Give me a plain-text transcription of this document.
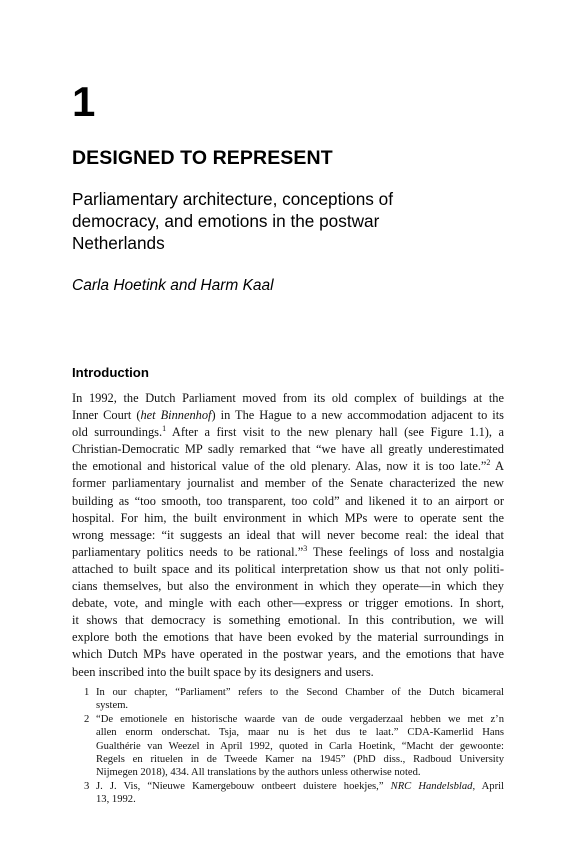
1
DESIGNED TO REPRESENT
Parliamentary architecture, conceptions of
democracy, and emotions in the postwar
Netherlands
Carla Hoetink and Harm Kaal
Introduction
In 1992, the Dutch Parliament moved from its old complex of buildings at the
Inner Court (het Binnenhof) in The Hague to a new accommodation adjacent to its
old surroundings.$^1$ After a first visit to the new plenary hall (see Figure 1.1), a
Christian-Democratic MP sadly remarked that “we have all greatly underestimated
the emotional and historical value of the old plenary. Alas, now it is too late.”$^2$ A
former parliamentary journalist and member of the Senate characterized the new
building as “too smooth, too transparent, too cold” and likened it to an airport or
hospital. For him, the built environment in which MPs were to operate sent the
wrong message: “it suggests an ideal that will never become real: the ideal that
parliamentary politics needs to be rational.”$^3$ These feelings of loss and nostalgia
attached to built space and its political interpretation show us that not only politi-
cians themselves, but also the environment in which they operate—in which they
debate, vote, and mingle with each other—express or trigger emotions. In short,
it shows that democracy is something emotional. In this contribution, we will
explore both the emotions that have been evoked by the material surroundings in
which Dutch MPs have operated in the postwar years, and the emotions that have
been inscribed into the built space by its designers and users.
1 In our chapter, “Parliament” refers to the Second Chamber of the Dutch bicameral
system.
2 “De emotionele en historische waarde van de oude vergaderzaal hebben we met z’n
allen enorm onderschat. Tsja, maar nu is het dus te laat.” CDA-Kamerlid Hans
Gualthérie van Weezel in April 1992, quoted in Carla Hoetink, “Macht der gewoonte:
Regels en rituelen in de Tweede Kamer na 1945” (PhD diss., Radboud University
Nijmegen 2018), 434. All translations by the authors unless otherwise noted.
3 J. J. Vis, “Nieuwe Kamergebouw ontbeert duistere hoekjes,” NRC Handelsblad, April
13, 1992.
